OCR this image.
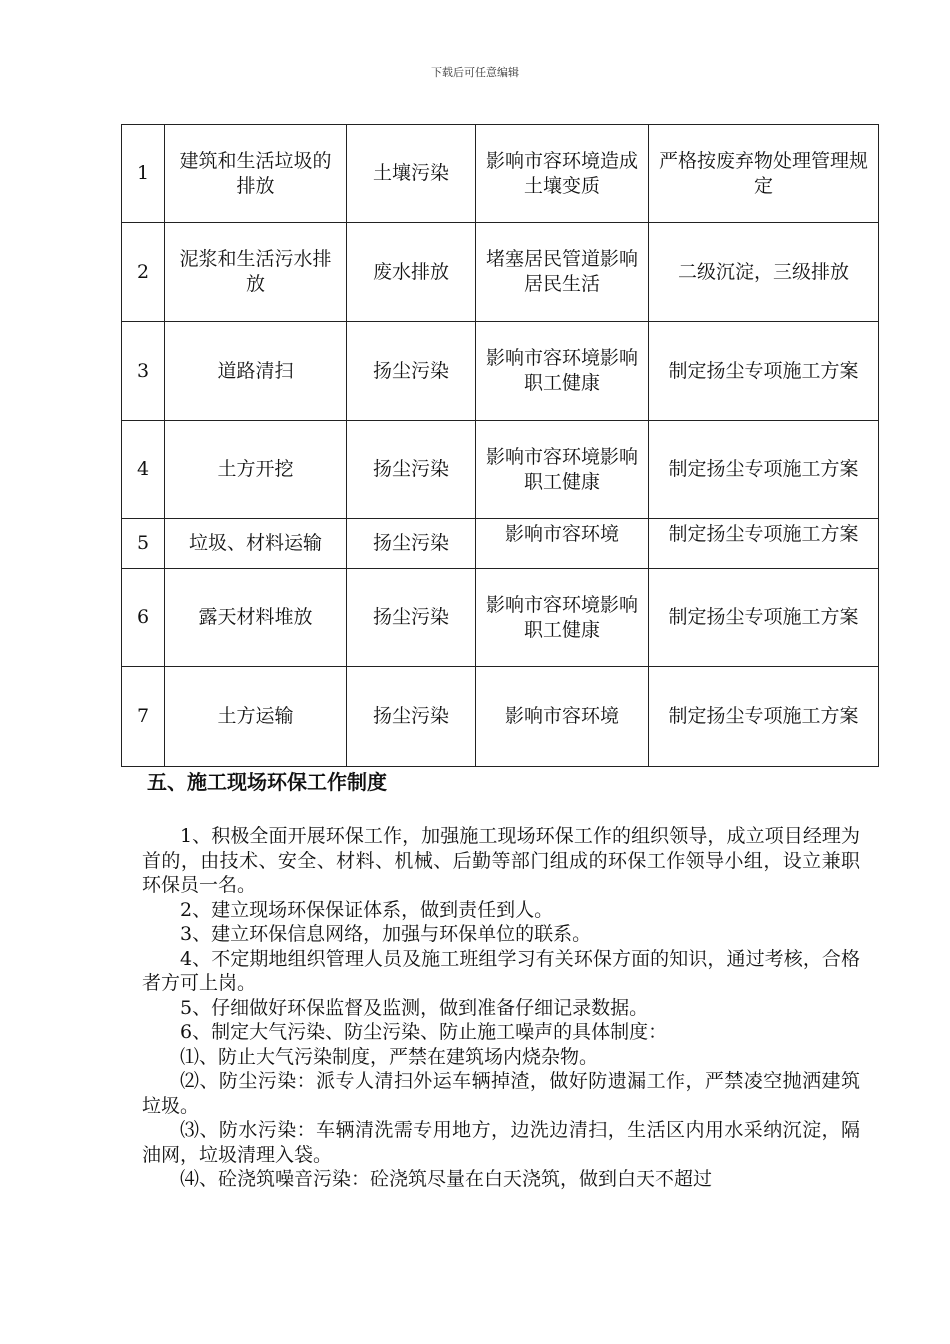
下载后可任意编辑
1	建筑和生活垃圾的排放	土壤污染	影响市容环境造成土壤变质	严格按废弃物处理管理规定
2	泥浆和生活污水排放	废水排放	堵塞居民管道影响居民生活	二级沉淀，三级排放
3	道路清扫	扬尘污染	影响市容环境影响职工健康	制定扬尘专项施工方案
4	土方开挖	扬尘污染	影响市容环境影响职工健康	制定扬尘专项施工方案
5	垃圾、材料运输	扬尘污染	影响市容环境	制定扬尘专项施工方案
6	露天材料堆放	扬尘污染	影响市容环境影响职工健康	制定扬尘专项施工方案
7	土方运输	扬尘污染	影响市容环境	制定扬尘专项施工方案
五、施工现场环保工作制度

1、积极全面开展环保工作，加强施工现场环保工作的组织领导，成立项目经理为首的，由技术、安全、材料、机械、后勤等部门组成的环保工作领导小组，设立兼职环保员一名。

2、建立现场环保保证体系，做到责任到人。

3、建立环保信息网络，加强与环保单位的联系。

4、不定期地组织管理人员及施工班组学习有关环保方面的知识，通过考核，合格者方可上岗。

5、仔细做好环保监督及监测，做到准备仔细记录数据。

6、制定大气污染、防尘污染、防止施工噪声的具体制度：

⑴、防止大气污染制度，严禁在建筑场内烧杂物。

⑵、防尘污染：派专人清扫外运车辆掉渣，做好防遗漏工作，严禁凌空抛洒建筑垃圾。

⑶、防水污染：车辆清洗需专用地方，边洗边清扫，生活区内用水采纳沉淀，隔油网，垃圾清理入袋。

⑷、砼浇筑噪音污染：砼浇筑尽量在白天浇筑，做到白天不超过
